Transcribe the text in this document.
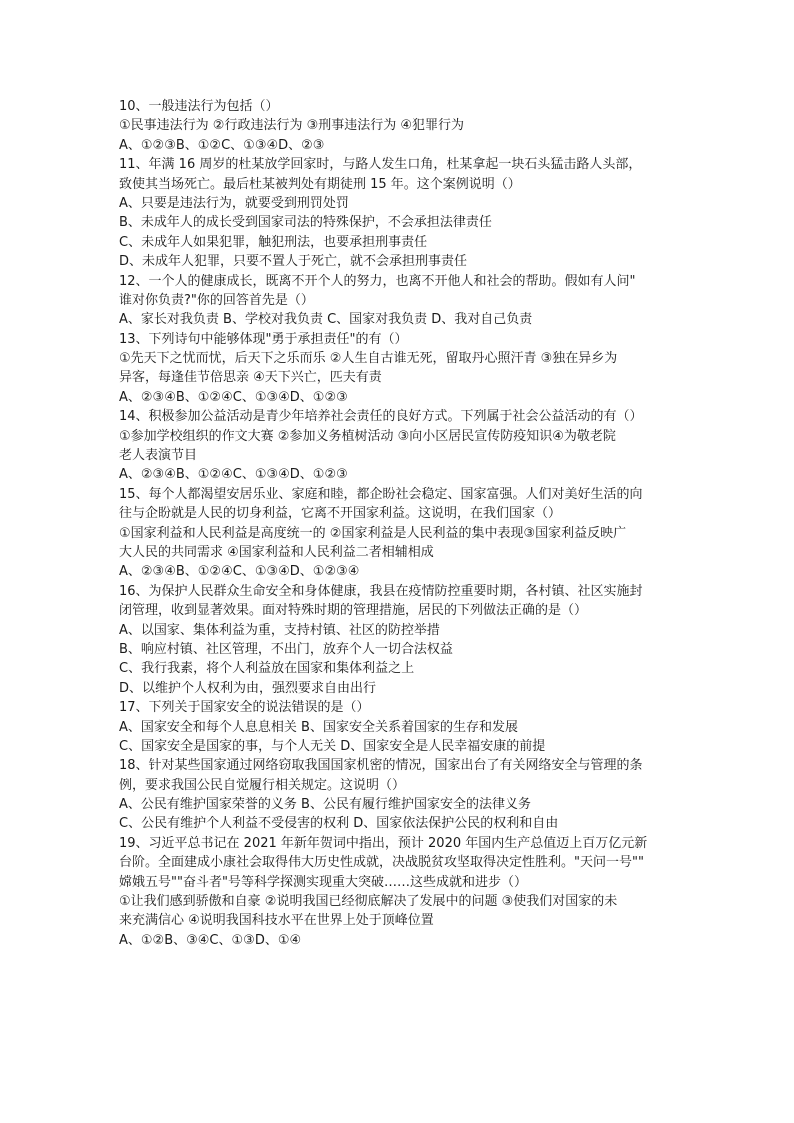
10、一般违法行为包括（）
①民事违法行为 ②行政违法行为 ③刑事违法行为 ④犯罪行为
A、①②③B、①②C、①③④D、②③
11、年满 16 周岁的杜某放学回家时，与路人发生口角，杜某拿起一块石头猛击路人头部，
致使其当场死亡。最后杜某被判处有期徒刑 15 年。这个案例说明（）
A、只要是违法行为，就要受到刑罚处罚
B、未成年人的成长受到国家司法的特殊保护，不会承担法律责任
C、未成年人如果犯罪，触犯刑法，也要承担刑事责任
D、未成年人犯罪，只要不置人于死亡，就不会承担刑事责任
12、一个人的健康成长，既离不开个人的努力，也离不开他人和社会的帮助。假如有人问"
谁对你负责?"你的回答首先是（）
A、家长对我负责 B、学校对我负责 C、国家对我负责 D、我对自己负责
13、下列诗句中能够体现"勇于承担责任"的有（）
①先天下之忧而忧，后天下之乐而乐 ②人生自古谁无死，留取丹心照汗青 ③独在异乡为
异客，每逢佳节倍思亲 ④天下兴亡，匹夫有责
A、②③④B、①②④C、①③④D、①②③
14、积极参加公益活动是青少年培养社会责任的良好方式。下列属于社会公益活动的有（）
①参加学校组织的作文大赛 ②参加义务植树活动 ③向小区居民宣传防疫知识④为敬老院
老人表演节目
A、②③④B、①②④C、①③④D、①②③
15、每个人都渴望安居乐业、家庭和睦，都企盼社会稳定、国家富强。人们对美好生活的向
往与企盼就是人民的切身利益，它离不开国家利益。这说明，在我们国家（）
①国家利益和人民利益是高度统一的 ②国家利益是人民利益的集中表现③国家利益反映广
大人民的共同需求 ④国家利益和人民利益二者相辅相成
A、②③④B、①②④C、①③④D、①②③④
16、为保护人民群众生命安全和身体健康，我县在疫情防控重要时期，各村镇、社区实施封
闭管理，收到显著效果。面对特殊时期的管理措施，居民的下列做法正确的是（）
A、以国家、集体利益为重，支持村镇、社区的防控举措
B、响应村镇、社区管理，不出门，放弃个人一切合法权益
C、我行我素，将个人利益放在国家和集体利益之上
D、以维护个人权利为由，强烈要求自由出行
17、下列关于国家安全的说法错误的是（）
A、国家安全和每个人息息相关 B、国家安全关系着国家的生存和发展
C、国家安全是国家的事，与个人无关 D、国家安全是人民幸福安康的前提
18、针对某些国家通过网络窃取我国国家机密的情况，国家出台了有关网络安全与管理的条
例，要求我国公民自觉履行相关规定。这说明（）
A、公民有维护国家荣誉的义务 B、公民有履行维护国家安全的法律义务
C、公民有维护个人利益不受侵害的权利 D、国家依法保护公民的权利和自由
19、习近平总书记在 2021 年新年贺词中指出，预计 2020 年国内生产总值迈上百万亿元新
台阶。全面建成小康社会取得伟大历史性成就，决战脱贫攻坚取得决定性胜利。"天问一号""
嫦娥五号""奋斗者"号等科学探测实现重大突破……这些成就和进步（）
①让我们感到骄傲和自豪 ②说明我国已经彻底解决了发展中的问题 ③使我们对国家的未
来充满信心 ④说明我国科技水平在世界上处于顶峰位置
A、①②B、③④C、①③D、①④
